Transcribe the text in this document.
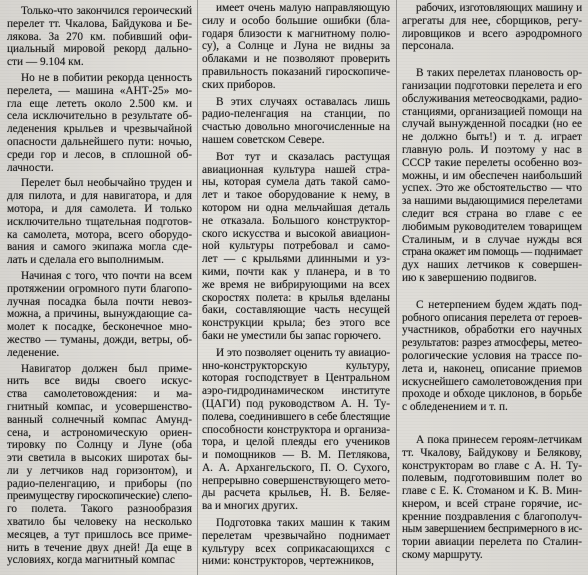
Только-что закончился героический
перелет тт. Чкалова, Байдукова и Бе-
лякова. За 270 км. побивший офи-
циальный мировой рекорд дально-
сти — 9.104 км.
Но не в побитии рекорда ценность
перелета, — машина «АНТ-25» мо-
гла еще лететь около 2.500 км. и
села исключительно в результате об-
леденения крыльев и чрезвычайной
опасности дальнейшего пути: ночью,
среди гор и лесов, в сплошной об-
лачности.
Перелет был необычайно труден и
для пилота, и для навигатора, и для
мотора, и для самолета. И только
исключительно тщательная подготов-
ка самолета, мотора, всего оборудо-
вания и самого экипажа могла сде-
лать и сделала его выполнимым.
Начиная с того, что почти на всем
протяжении огромного пути благопо-
лучная посадка была почти невоз-
можна, а причины, вынуждающие са-
молет к посадке, бесконечное мно-
жество — туманы, дожди, ветры, об-
леденение.
Навигатор должен был приме-
нить все виды своего искус-
ства самолетовождения: и ма-
гнитный компас, и усовершенство-
ванный солнечный компас Амунд-
сена, и астрономическую ориен-
тировку по Солнцу и Луне (оба
эти светила в высоких широтах бы-
ли у летчиков над горизонтом), и
радио-пеленгацию, и приборы (по
преимуществу гироскопические) слепо-
го полета. Такого разнообразия
хватило бы человеку на несколько
месяцев, а тут пришлось все приме-
нить в течение двух дней! Да еще в
условиях, когда магнитный компас
имеет очень малую направляющую
силу и особо большие ошибки (бла-
годаря близости к магнитному полю-
су), а Солнце и Луна не видны за
облаками и не позволяют проверить
правильность показаний гироскопиче-
ских приборов.
В этих случаях оставалась лишь
радио-пеленгация на станции, по
счастью довольно многочисленные на
нашем советском Севере.
Вот тут и сказалась растущая
авиационная культура нашей стра-
ны, которая сумела дать такой само-
лет и такое оборудование к нему, в
котором ни одна мельчайшая деталь
не отказала. Большого конструктор-
ского искусства и высокой авиацион-
ной культуры потребовал и само-
лет — с крыльями длинными и уз-
кими, почти как у планера, и в то
же время не вибрирующими на всех
скоростях полета: в крылья вделаны
баки, составляющие часть несущей
конструкции крыла; без этого все
баки не уместили бы запас горючего.
И это позволяет оценить ту авиацио-
нно-конструкторскую культуру,
которая господствует в Центральном
аэро-гидродинамическом институте
(ЦАГИ) под руководством А. Н. Ту-
полева, соединившего в себе блестящие
способности конструктора и организа-
тора, и целой плеяды его учеников
и помощников — В. М. Петлякова,
А. А. Архангельского, П. О. Сухого,
непрерывно совершенствующего мето-
ды расчета крыльев, Н. В. Беляе-
ва и многих других.
Подготовка таких машин к таким
перелетам чрезвычайно поднимает
культуру всех соприкасающихся с
ними: конструкторов, чертежников,
рабочих, изготовляющих машину и
агрегаты для нее, сборщиков, регу-
лировщиков и всего аэродромного
персонала.
В таких перелетах плановость ор-
ганизации подготовки перелета и его
обслуживания метеосводками, радио-
станциями, организацией помощи на
случай вынужденной посадки (но ее
не должно быть!) и т. д. играет
главную роль. И поэтому у нас в
СССР такие перелеты особенно воз-
можны, и им обеспечен наибольший
успех. Это же обстоятельство — что
за нашими выдающимися перелетами
следит вся страна во главе с ее
любимым руководителем товарищем
Сталиным, и в случае нужды вся
страна окажет им помощь — поднимает
дух наших летчиков к совершен-
ию к завершению подвигов.
С нетерпением будем ждать под-
робного описания перелета от героев-
участников, обработки его научных
результатов: разрез атмосферы, метео-
рологические условия на трассе по-
лета и, наконец, описание приемов
искуснейшего самолетовождения при
проходе и обходе циклонов, в борьбе
с обледенением и т. п.
А пока принесем героям-летчикам
тт. Чкалову, Байдукову и Белякову,
конструкторам во главе с А. Н. Ту-
полевым, подготовившим полет во
главе с Е. К. Стоманом и К. В. Мин-
кнером, и всей стране горячие, ис-
кренние поздравления с благополуч-
ным завершением беспримерного в ис-
тории авиации перелета по Сталин-
скому маршруту.
